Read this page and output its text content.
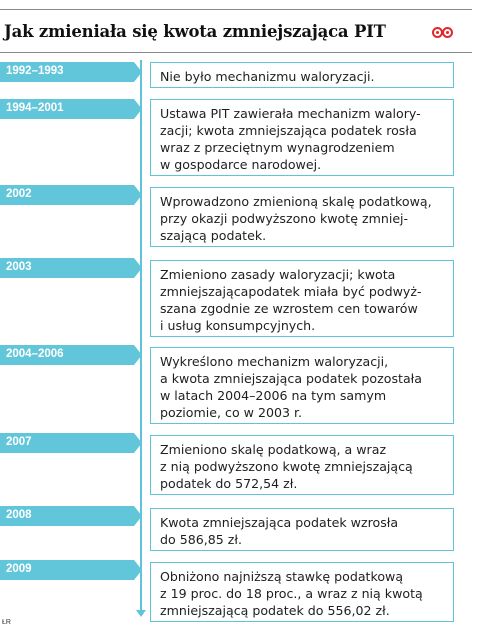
Jak zmieniała się kwota zmniejszająca PIT
1992–1993	Nie było mechanizmu waloryzacji.
1994–2001	Ustawa PIT zawierała mechanizm walory-
zacji; kwota zmniejszająca podatek rosła
wraz z przeciętnym wynagrodzeniem
w gospodarce narodowej.
2002	Wprowadzono zmienioną skalę podatkową,
przy okazji podwyższono kwotę zmniej-
szającą podatek.
2003	Zmieniono zasady waloryzacji; kwota
zmniejszającapodatek miała być podwyż-
szana zgodnie ze wzrostem cen towarów
i usług konsumpcyjnych.
2004–2006	Wykreślono mechanizm waloryzacji,
a kwota zmniejszająca podatek pozostała
w latach 2004–2006 na tym samym
poziomie, co w 2003 r.
2007	Zmieniono skalę podatkową, a wraz
z nią podwyższono kwotę zmniejszającą
podatek do 572,54 zł.
2008	Kwota zmniejszająca podatek wzrosła
do 586,85 zł.
2009	Obniżono najniższą stawkę podatkową
z 19 proc. do 18 proc., a wraz z nią kwotą
zmniejszającą podatek do 556,02 zł.
ŁR
